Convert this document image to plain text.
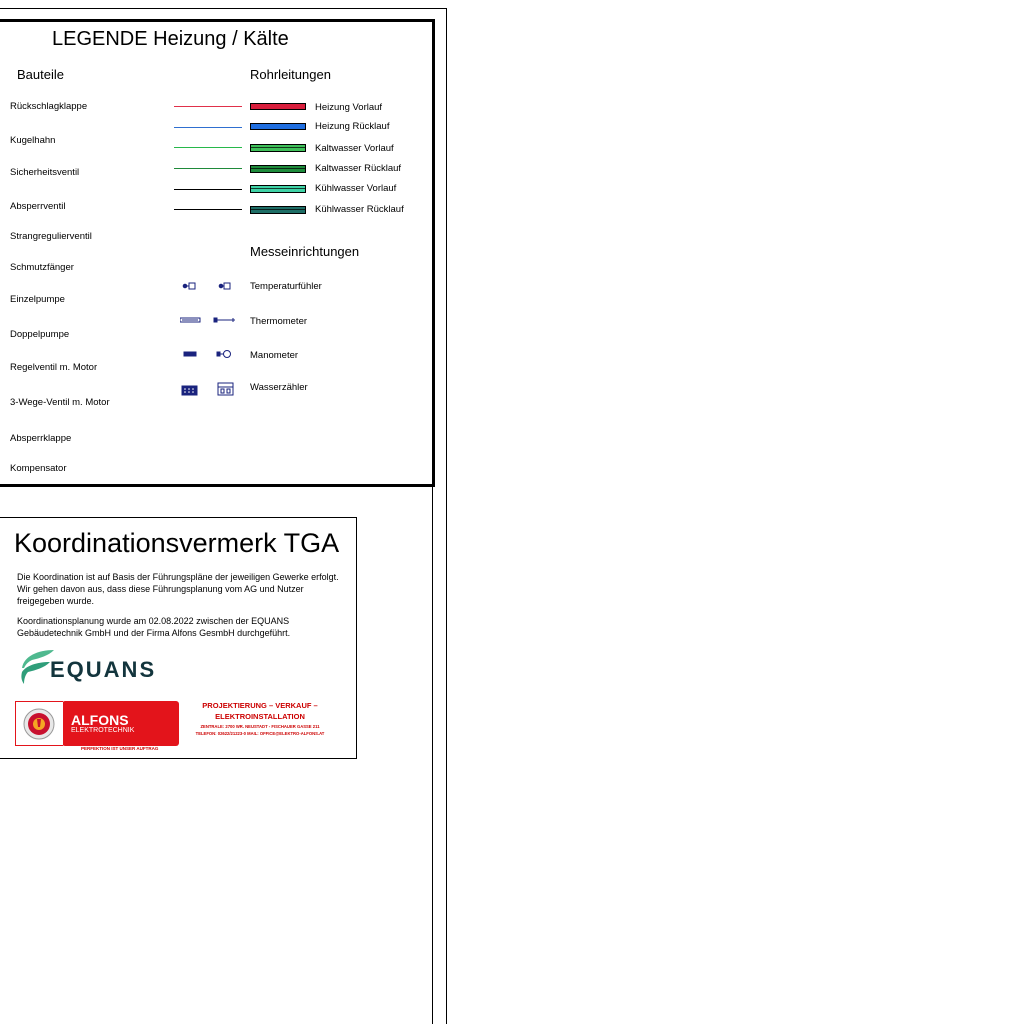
LEGENDE Heizung / Kälte
Bauteile	Rohrleitungen
Messeinrichtungen
Rückschlagklappe
Kugelhahn
Sicherheitsventil
Absperrventil
Strangregulierventil
Schmutzfänger
Einzelpumpe
Doppelpumpe
Regelventil m. Motor
3-Wege-Ventil m. Motor
Absperrklappe
Kompensator
Heizung Vorlauf
Heizung Rücklauf
Kaltwasser Vorlauf
Kaltwasser Rücklauf
Kühlwasser Vorlauf
Kühlwasser Rücklauf
Temperaturfühler
Thermometer
Manometer
Wasserzähler
Koordinationsvermerk TGA
Die Koordination ist auf Basis der Führungspläne der jeweiligen Gewerke erfolgt. Wir gehen davon aus, dass diese Führungsplanung vom AG und Nutzer freigegeben wurde.
Koordinationsplanung wurde am 02.08.2022 zwischen der EQUANS Gebäudetechnik GmbH und der Firma Alfons GesmbH durchgeführt.
EQUANS
ALFONS
ELEKTROTECHNIK
PERFEKTION IST UNSER AUFTRAG
PROJEKTIERUNG – VERKAUF –
ELEKTROINSTALLATION
ZENTRALE: 2700 WR. NEUSTADT - FISCHAUER GASSE 211
TELEFON: 02622/21223-0 MAIL: OFFICE@ELEKTRO-ALFONS.AT
